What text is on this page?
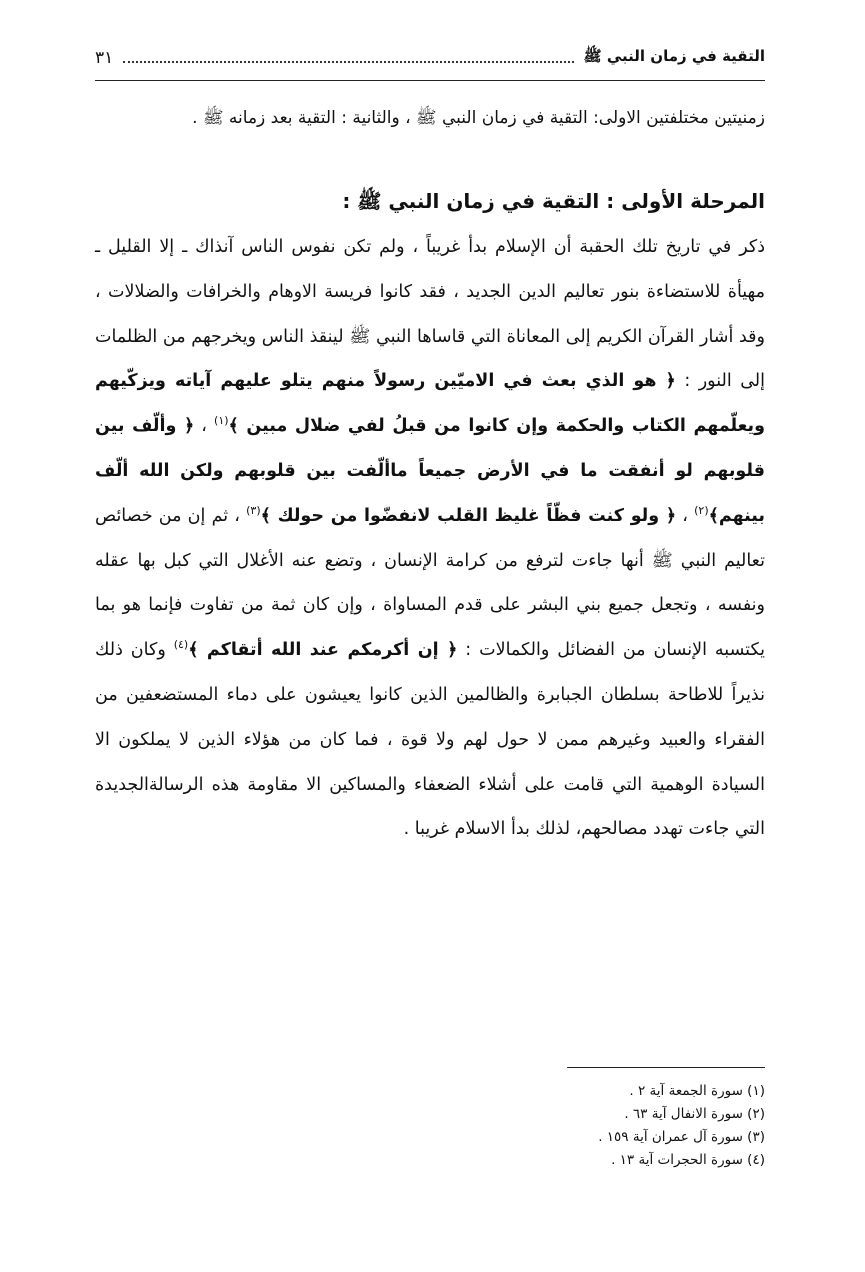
التقية في زمان النبي ﷺ
٣١
زمنيتين مختلفتين الاولى: التقية في زمان النبي ﷺ ، والثانية : التقية بعد زمانه ﷺ .
المرحلة الأولى : التقية في زمان النبي ﷺ :
ذكر في تاريخ تلك الحقبة أن الإسلام بدأ غريباً ، ولم تكن نفوس الناس آنذاك ـ إلا القليل ـ مهيأة للاستضاءة بنور تعاليم الدين الجديد ، فقد كانوا فريسة الاوهام والخرافات والضلالات ، وقد أشار القرآن الكريم إلى المعاناة التي قاساها النبي ﷺ لينقذ الناس ويخرجهم من الظلمات إلى النور : ﴿ هو الذي بعث في الاميّين رسولاً منهم يتلو عليهم آياته ويزكّيهم ويعلّمهم الكتاب والحكمة وإن كانوا من قبلُ لفي ضلال مبين ﴾$^{(١)}$ ، ﴿ وألّف بين قلوبهم لو أنفقت ما في الأرض جميعاً ماألّفت بين قلوبهم ولكن الله ألّف بينهم﴾$^{(٢)}$ ، ﴿ ولو كنت فظّاً غليظ القلب لانفضّوا من حولك ﴾$^{(٣)}$ ، ثم إن من خصائص تعاليم النبي ﷺ أنها جاءت لترفع من كرامة الإنسان ، وتضع عنه الأغلال التي كبل بها عقله ونفسه ، وتجعل جميع بني البشر على قدم المساواة ، وإن كان ثمة من تفاوت فإنما هو بما يكتسبه الإنسان من الفضائل والكمالات : ﴿ إن أكرمكم عند الله أتقاكم ﴾$^{(٤)}$ وكان ذلك نذيراً للاطاحة بسلطان الجبابرة والظالمين الذين كانوا يعيشون على دماء المستضعفين من الفقراء والعبيد وغيرهم ممن لا حول لهم ولا قوة ، فما كان من هؤلاء الذين لا يملكون الا السيادة الوهمية التي قامت على أشلاء الضعفاء والمساكين الا مقاومة هذه الرسالةالجديدة التي جاءت تهدد مصالحهم، لذلك بدأ الاسلام غريبا .
(١) سورة الجمعة آية ٢ .
(٢) سورة الانفال آية ٦٣ .
(٣) سورة آل عمران آية ١٥٩ .
(٤) سورة الحجرات آية ١٣ .
